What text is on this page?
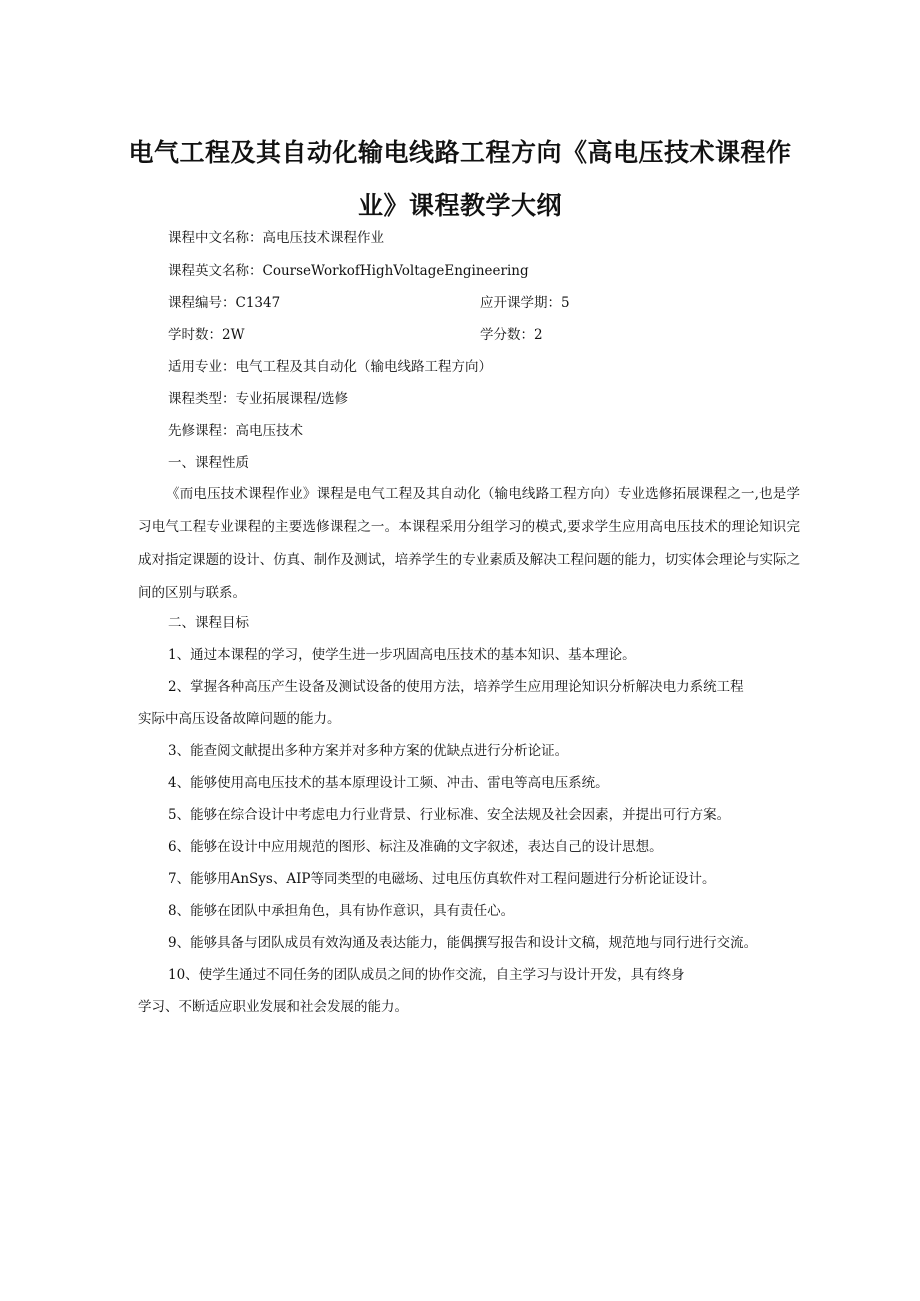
电气工程及其自动化输电线路工程方向《高电压技术课程作
业》课程教学大纲
课程中文名称：高电压技术课程作业
课程英文名称：CourseWorkofHighVoltageEngineering
课程编号：C1347	应开课学期：5
学时数：2W	学分数：2
适用专业：电气工程及其自动化（输电线路工程方向）
课程类型：专业拓展课程/选修
先修课程：高电压技术
一、课程性质
《而电压技术课程作业》课程是电气工程及其自动化（输电线路工程方向）专业选修拓展课程之一,也是学习电气工程专业课程的主要选修课程之一。本课程采用分组学习的模式,要求学生应用高电压技术的理论知识完成对指定课题的设计、仿真、制作及测试，培养学生的专业素质及解决工程问题的能力，切实体会理论与实际之间的区别与联系。
二、课程目标
1、通过本课程的学习，使学生进一步巩固高电压技术的基本知识、基本理论。
2、掌握各种高压产生设备及测试设备的使用方法，培养学生应用理论知识分析解决电力系统工程
实际中高压设备故障问题的能力。
3、能查阅文献提出多种方案并对多种方案的优缺点进行分析论证。
4、能够使用高电压技术的基本原理设计工频、冲击、雷电等高电压系统。
5、能够在综合设计中考虑电力行业背景、行业标准、安全法规及社会因素，并提出可行方案。
6、能够在设计中应用规范的图形、标注及准确的文字叙述，表达自己的设计思想。
7、能够用AnSys、AIP等同类型的电磁场、过电压仿真软件对工程问题进行分析论证设计。
8、能够在团队中承担角色，具有协作意识，具有责任心。
9、能够具备与团队成员有效沟通及表达能力，能偶撰写报告和设计文稿，规范地与同行进行交流。
10、使学生通过不同任务的团队成员之间的协作交流，自主学习与设计开发，具有终身
学习、不断适应职业发展和社会发展的能力。
